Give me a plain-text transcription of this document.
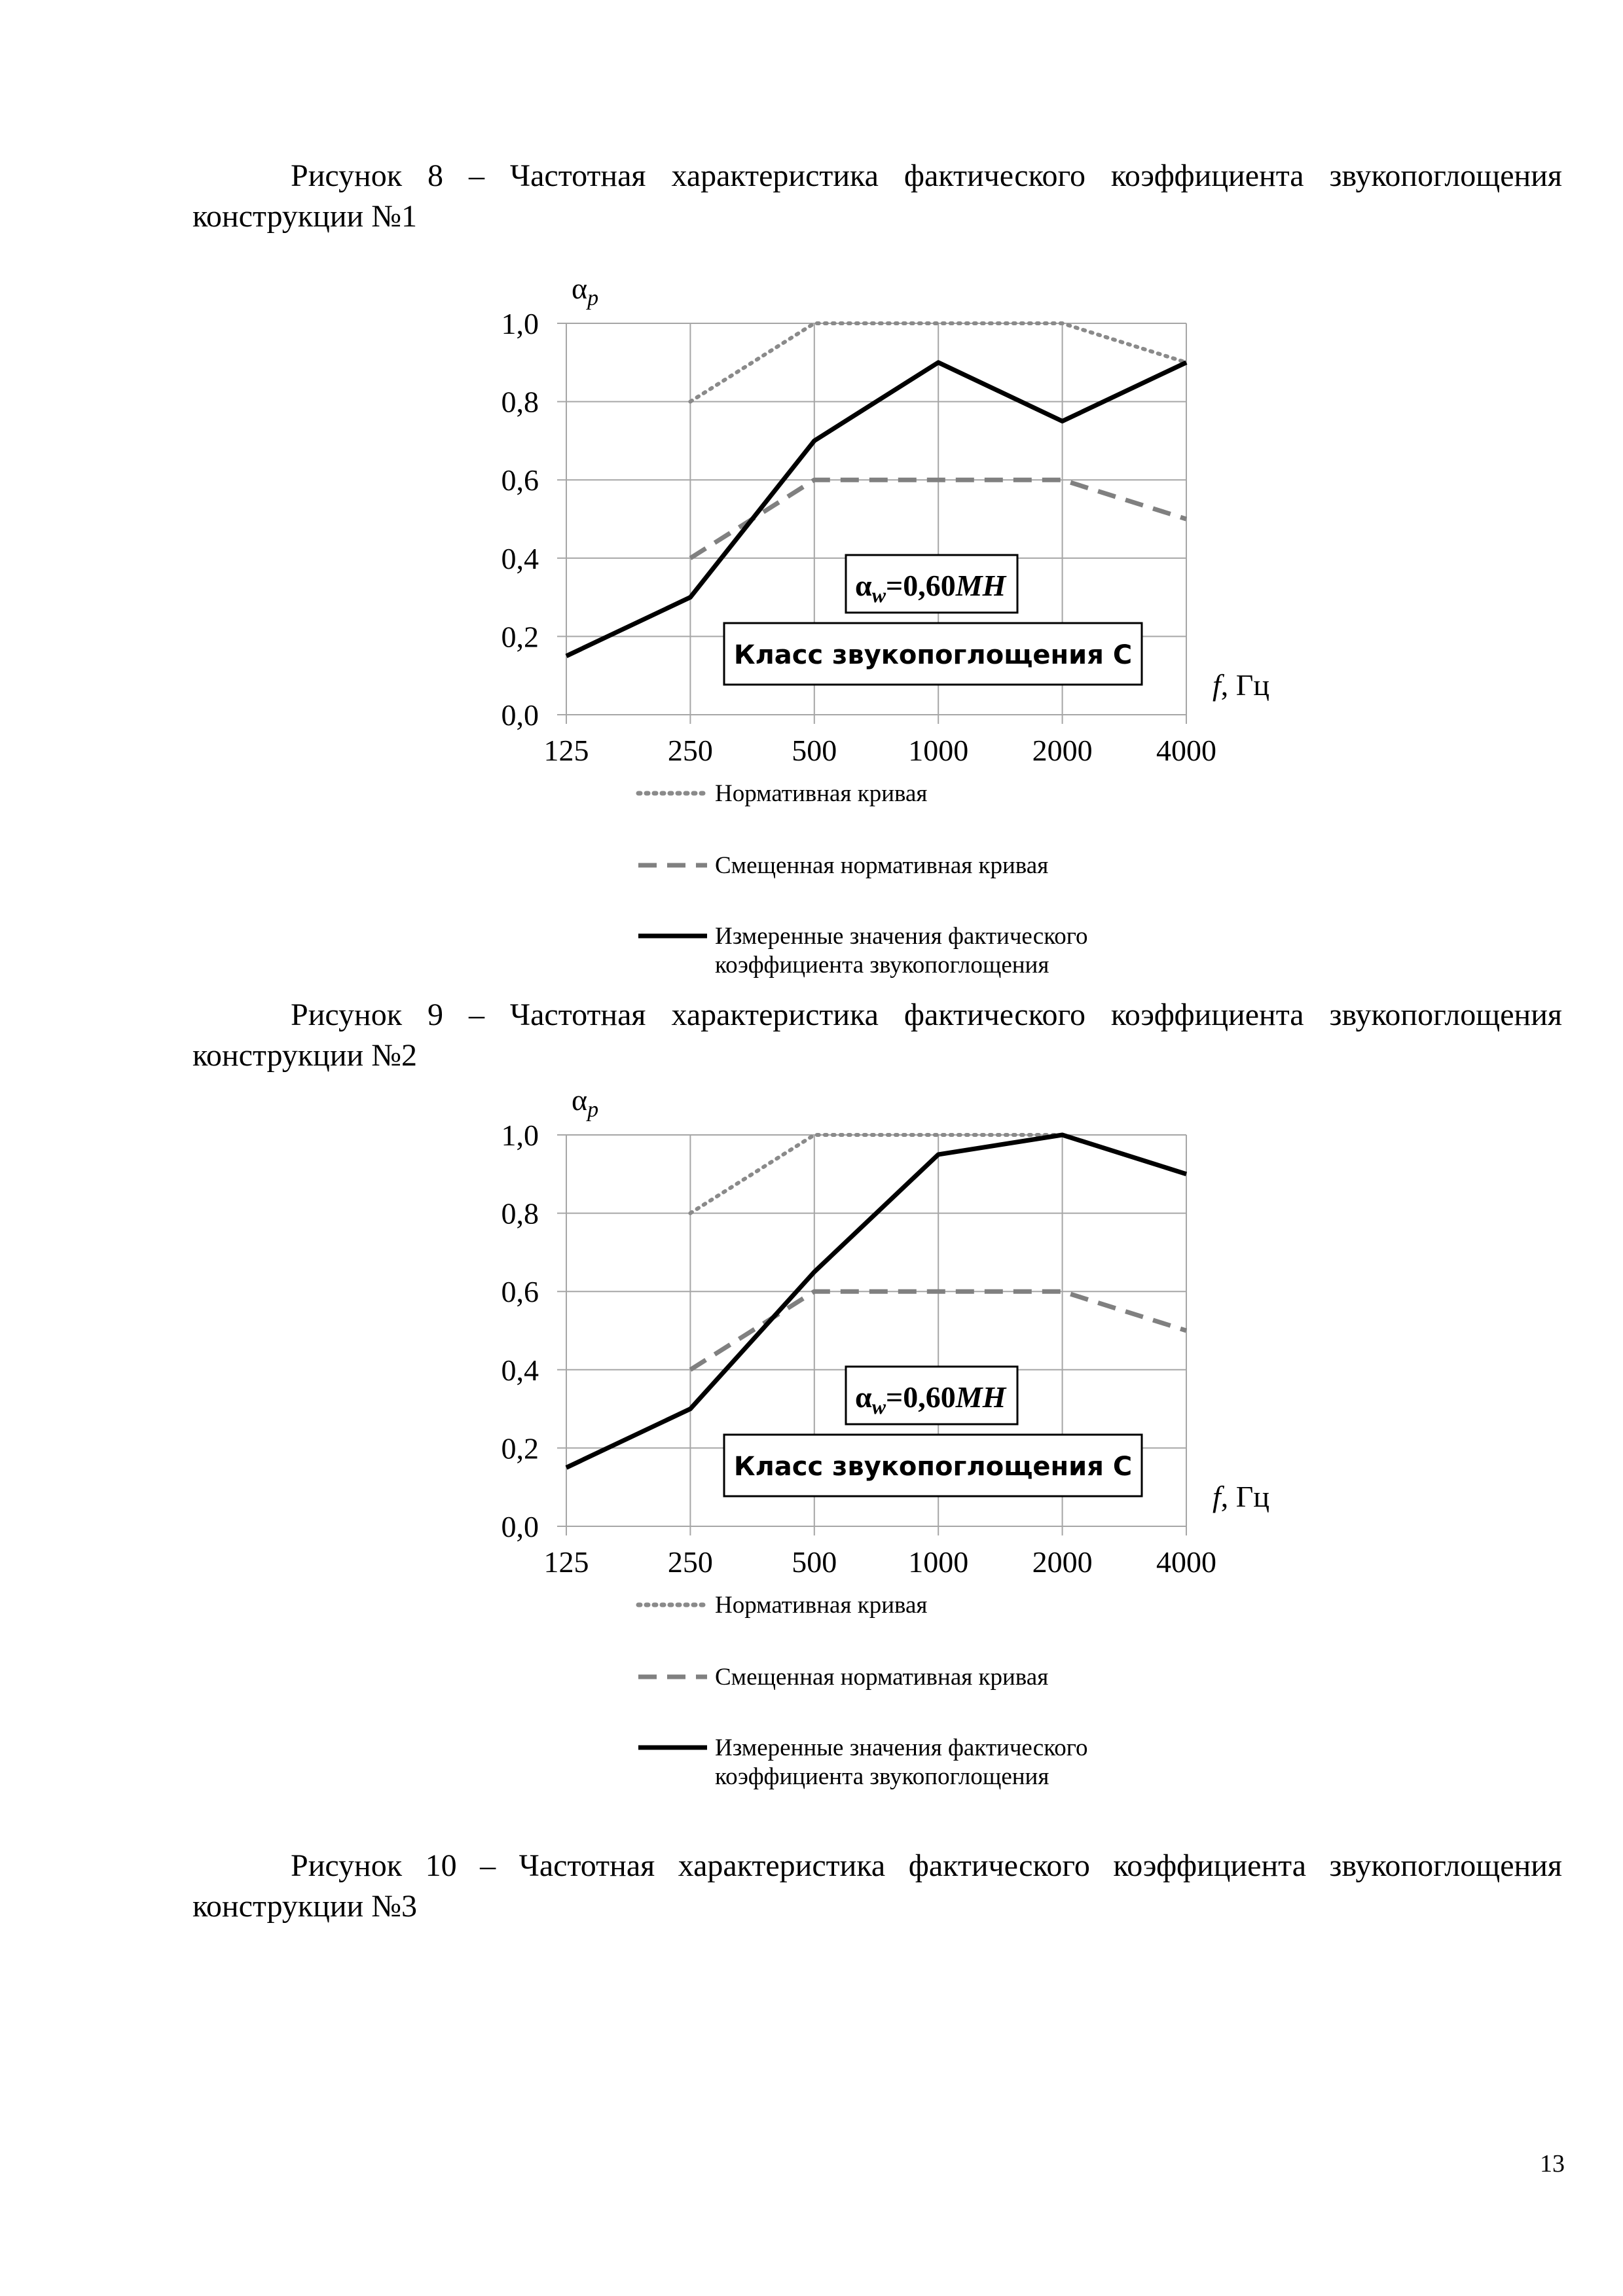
Рисунок 8 – Частотная характеристика фактического коэффициента звукопоглощения
конструкции №1
0,0
0,2
0,4
0,6
0,8
1,0
125	250	500 1000 2000 4000
$\alpha_p$
f, Гц
$\alpha_w=0,60MH$
Класс звукопоглощения С
Нормативная кривая
Смещенная нормативная кривая
Измеренные значения фактического
коэффициента звукопоглощения
Рисунок 9 – Частотная характеристика фактического коэффициента звукопоглощения
конструкции №2
0,0
0,2
0,4
0,6
0,8
1,0
125	250	500 1000 2000 4000
$\alpha_p$
f, Гц
$\alpha_w=0,60MH$
Класс звукопоглощения С
Нормативная кривая
Смещенная нормативная кривая
Измеренные значения фактического
коэффициента звукопоглощения
Рисунок 10 – Частотная характеристика фактического коэффициента звукопоглощения
конструкции №3
13
